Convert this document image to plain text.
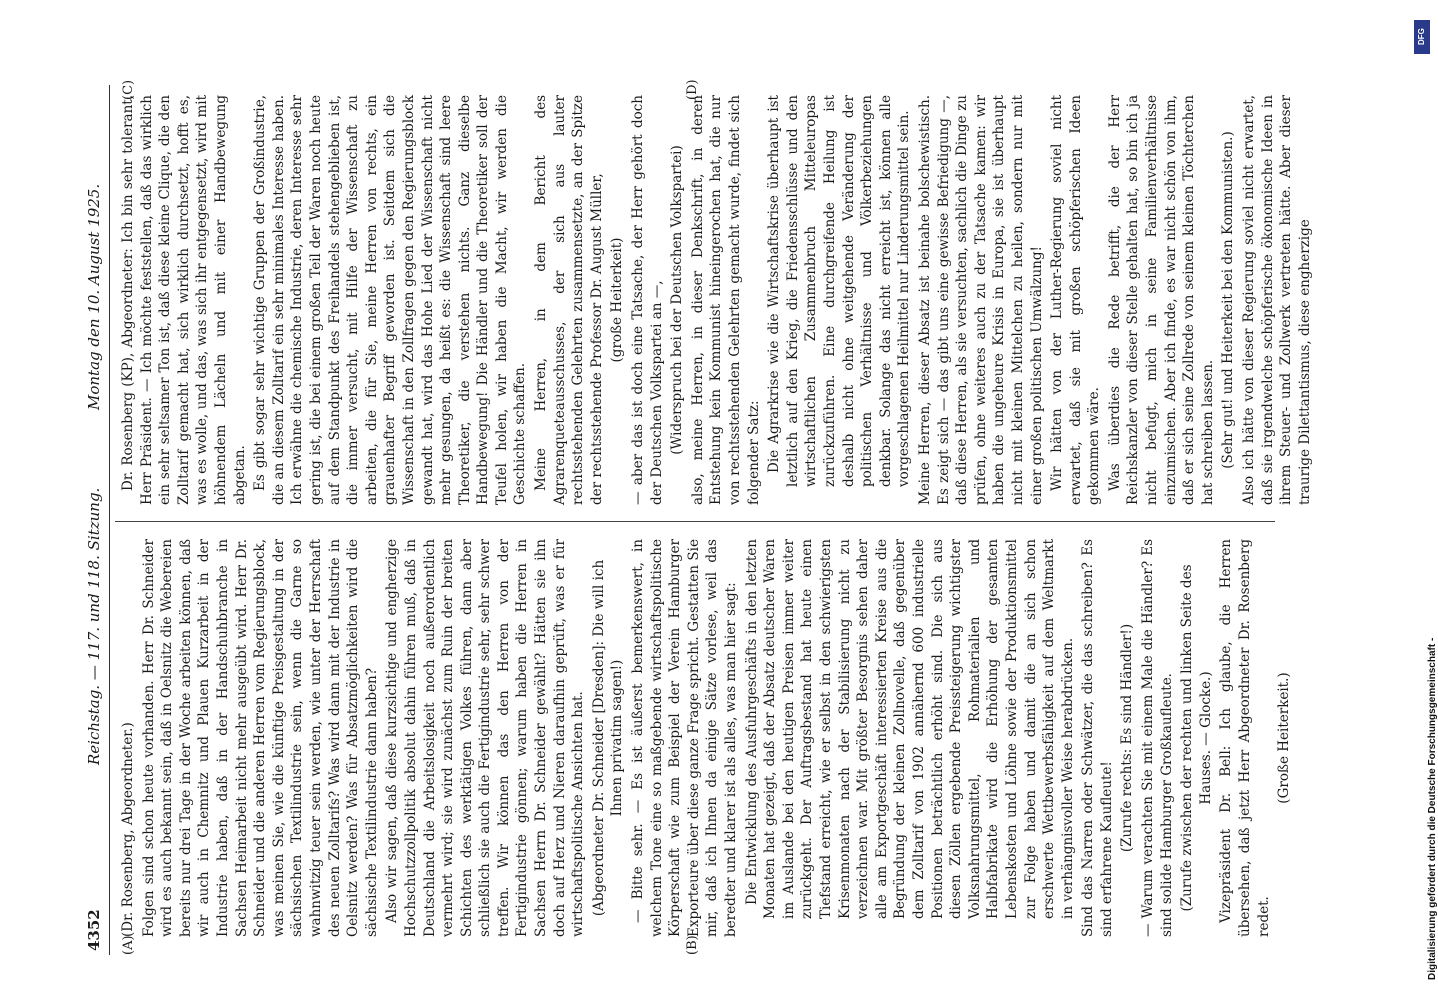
4352
Reichstag. — 117. und 118. Sitzung.
Montag den 10. August 1925.
(A)	(B)
(C)	(D)

(Dr. Rosenberg, Abgeordneter.) Folgen sind schon heute vorhanden. Herr Dr. Schneider wird es auch bekannt sein, daß in Oelsnitz die Webereien bereits nur drei Tage in der Woche arbeiten können, daß wir auch in Chemnitz und Plauen Kurzarbeit in der Industrie haben, daß in der Handschuhbranche in Sachsen Heimarbeit nicht mehr ausgeübt wird. Herr Dr. Schneider und die anderen Herren vom Regierungsblock, was meinen Sie, wie die künftige Preisgestaltung in der sächsischen Textilindustrie sein, wenn die Garne so wahnwitzig teuer sein werden, wie unter der Herrschaft des neuen Zolltarifs? Was wird dann mit der Industrie in Oelsnitz werden? Was für Absatzmöglichkeiten wird die sächsische Textilindustrie dann haben? Also wir sagen, daß diese kurzsichtige und engherzige Hochschutzzollpolitik absolut dahin führen muß, daß in Deutschland die Arbeitslosigkeit noch außerordentlich vermehrt wird; sie wird zunächst zum Ruin der breiten Schichten des werktätigen Volkes führen, dann aber schließlich sie auch die Fertigindustrie sehr, sehr schwer treffen. Wir können das den Herren von der Fertigindustrie gönnen; warum haben die Herren in Sachsen Herrn Dr. Schneider gewählt? Hätten sie ihn doch auf Herz und Nieren daraufhin geprüft, was er für wirtschaftspolitische Ansichten hat. (Abgeordneter Dr. Schneider [Dresden]: Die will ich Ihnen privatim sagen!) — Bitte sehr. — Es ist äußerst bemerkenswert, in welchem Tone eine so maßgebende wirtschaftspolitische Körperschaft wie zum Beispiel der Verein Hamburger Exporteure über diese ganze Frage spricht. Gestatten Sie mir, daß ich Ihnen da einige Sätze vorlese, weil das beredter und klarer ist als alles, was man hier sagt: Die Entwicklung des Ausfuhrgeschäfts in den letzten Monaten hat gezeigt, daß der Absatz deutscher Waren im Auslande bei den heutigen Preisen immer weiter zurückgeht. Der Auftragsbestand hat heute einen Tiefstand erreicht, wie er selbst in den schwierigsten Krisenmonaten nach der Stabilisierung nicht zu verzeichnen war. Mit größter Besorgnis sehen daher alle am Exportgeschäft interessierten Kreise aus die Begründung der kleinen Zollnovelle, daß gegenüber dem Zolltarif von 1902 annähernd 600 industrielle Positionen beträchtlich erhöht sind. Die sich aus diesen Zöllen ergebende Preissteigerung wichtigster Volksnahrungsmittel, Rohmaterialien und Halbfabrikate wird die Erhöhung der gesamten Lebenskosten und Löhne sowie der Produktionsmittel zur Folge haben und damit die an sich schon erschwerte Wettbewerbsfähigkeit auf dem Weltmarkt in verhängnisvoller Weise herabdrücken. Sind das Narren oder Schwätzer, die das schreiben? Es sind erfahrene Kaufleute! (Zurufe rechts: Es sind Händler!) — Warum verachten Sie mit einem Male die Händler? Es sind solide Hamburger Großkaufleute. (Zurufe zwischen der rechten und linken Seite des Hauses. — Glocke.) Vizepräsident Dr. Bell: Ich glaube, die Herren übersehen, daß jetzt Herr Abgeordneter Dr. Rosenberg redet.

(Große Heiterkeit.)

Dr. Rosenberg (KP), Abgeordneter: Ich bin sehr tolerant, Herr Präsident. — Ich möchte feststellen, daß das wirklich ein sehr seltsamer Ton ist, daß diese kleine Clique, die den Zolltarif gemacht hat, sich wirklich durchsetzt, hofft es, was es wolle, und das, was sich ihr entgegensetzt, wird mit höhnendem Lächeln und mit einer Handbewegung abgetan. Es gibt sogar sehr wichtige Gruppen der Großindustrie, die an diesem Zolltarif ein sehr minimales Interesse haben. Ich erwähne die chemische Industrie, deren Interesse sehr gering ist, die bei einem großen Teil der Waren noch heute auf dem Standpunkt des Freihandels stehengeblieben ist, die immer versucht, mit Hilfe der Wissenschaft zu arbeiten, die für Sie, meine Herren von rechts, ein grauenhafter Begriff geworden ist. Seitdem sich die Wissenschaft in den Zollfragen gegen den Regierungsblock gewandt hat, wird das Hohe Lied der Wissenschaft nicht mehr gesungen, da heißt es: die Wissenschaft sind leere Theoretiker, die verstehen nichts. Ganz dieselbe Handbewegung! Die Händler und die Theoretiker soll der Teufel holen, wir haben die Macht, wir werden die Geschichte schaffen. Meine Herren, in dem Bericht des Agrarenqueteausschusses, der sich aus lauter rechtsstehenden Gelehrten zusammensetzte, an der Spitze der rechtsstehende Professor Dr. August Müller, (große Heiterkeit) — aber das ist doch eine Tatsache, der Herr gehört doch der Deutschen Volkspartei an —, (Widerspruch bei der Deutschen Volkspartei) also, meine Herren, in dieser Denkschrift, in deren Entstehung kein Kommunist hineingerochen hat, die nur von rechtsstehenden Gelehrten gemacht wurde, findet sich folgender Satz: Die Agrarkrise wie die Wirtschaftskrise überhaupt ist letztlich auf den Krieg, die Friedensschlüsse und den wirtschaftlichen Zusammenbruch Mitteleuropas zurückzuführen. Eine durchgreifende Heilung ist deshalb nicht ohne weitgehende Veränderung der politischen Verhältnisse und Völkerbeziehungen denkbar. Solange das nicht erreicht ist, können alle vorgeschlagenen Heilmittel nur Linderungsmittel sein. Meine Herren, dieser Absatz ist beinahe bolschewistisch. Es zeigt sich — das gibt uns eine gewisse Befriedigung —, daß diese Herren, als sie versuchten, sachlich die Dinge zu prüfen, ohne weiteres auch zu der Tatsache kamen: wir haben die ungeheure Krisis in Europa, sie ist überhaupt nicht mit kleinen Mittelchen zu heilen, sondern nur mit einer großen politischen Umwälzung! Wir hätten von der Luther-Regierung soviel nicht erwartet, daß sie mit großen schöpferischen Ideen gekommen wäre. Was überdies die Rede betrifft, die der Herr Reichskanzler von dieser Stelle gehalten hat, so bin ich ja nicht befugt, mich in seine Familienverhältnisse einzumischen. Aber ich finde, es war nicht schön von ihm, daß er sich seine Zollrede von seinem kleinen Töchterchen hat schreiben lassen. (Sehr gut! und Heiterkeit bei den Kommunisten.) Also ich hätte von dieser Regierung soviel nicht erwartet, daß sie irgendwelche schöpferische ökonomische Ideen in ihrem Steuer- und Zollwerk vertreten hätte. Aber dieser traurige Dilettantismus, diese engherzige

DFG
Digitalisierung gefördert durch die Deutsche Forschungsgemeinschaft -
